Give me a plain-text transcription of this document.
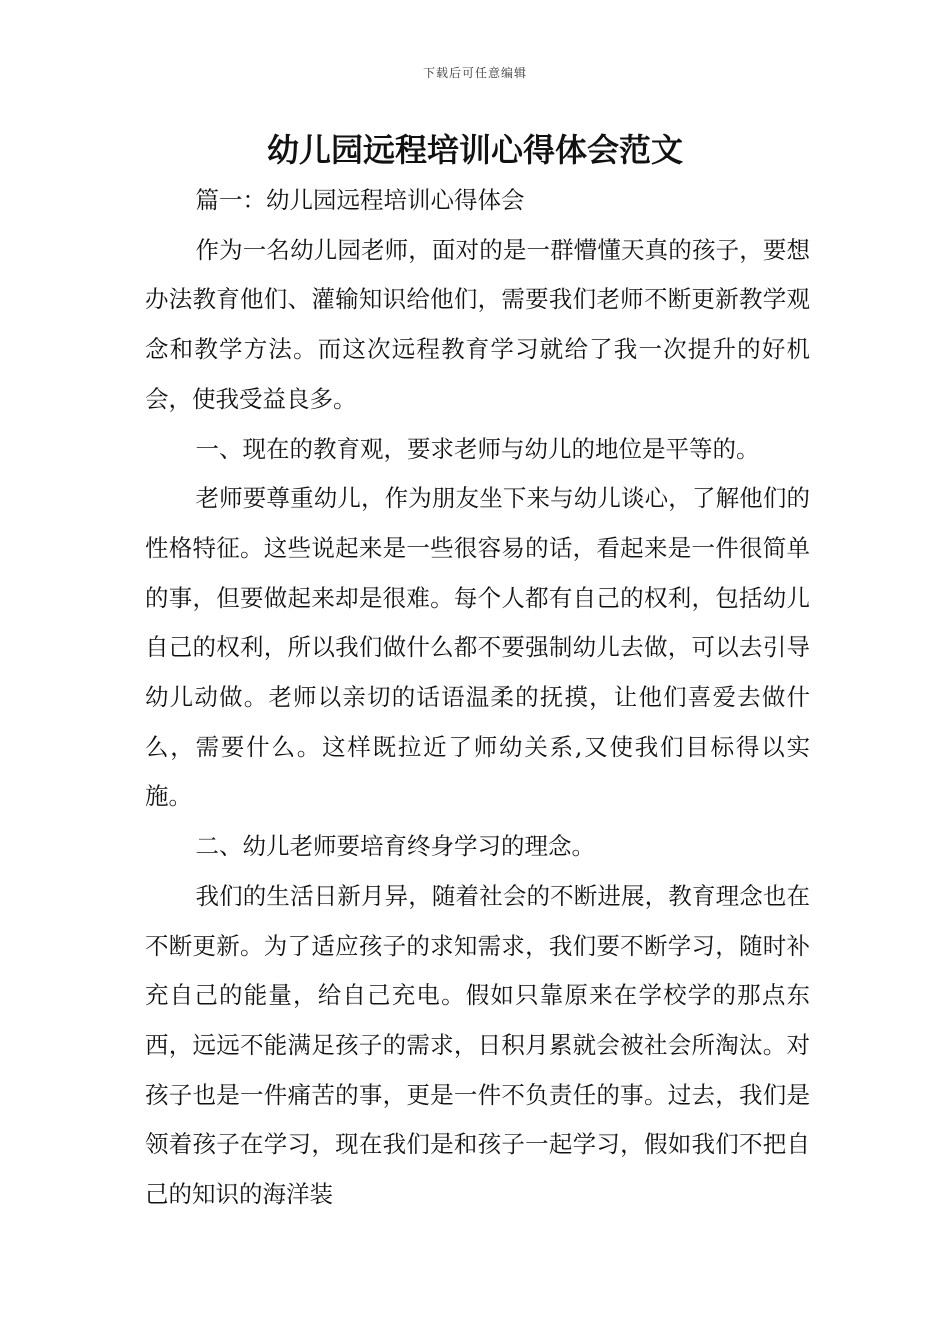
下载后可任意编辑
幼儿园远程培训心得体会范文

篇一：幼儿园远程培训心得体会

作为一名幼儿园老师，面对的是一群懵懂天真的孩子，要想办法教育他们、灌输知识给他们，需要我们老师不断更新教学观念和教学方法。而这次远程教育学习就给了我一次提升的好机会，使我受益良多。

一、现在的教育观，要求老师与幼儿的地位是平等的。

老师要尊重幼儿，作为朋友坐下来与幼儿谈心，了解他们的性格特征。这些说起来是一些很容易的话，看起来是一件很简单的事，但要做起来却是很难。每个人都有自己的权利，包括幼儿自己的权利，所以我们做什么都不要强制幼儿去做，可以去引导幼儿动做。老师以亲切的话语温柔的抚摸，让他们喜爱去做什么，需要什么。这样既拉近了师幼关系,又使我们目标得以实施。

二、幼儿老师要培育终身学习的理念。

我们的生活日新月异，随着社会的不断进展，教育理念也在不断更新。为了适应孩子的求知需求，我们要不断学习，随时补充自己的能量，给自己充电。假如只靠原来在学校学的那点东西，远远不能满足孩子的需求，日积月累就会被社会所淘汰。对孩子也是一件痛苦的事，更是一件不负责任的事。过去，我们是领着孩子在学习，现在我们是和孩子一起学习，假如我们不把自己的知识的海洋装
